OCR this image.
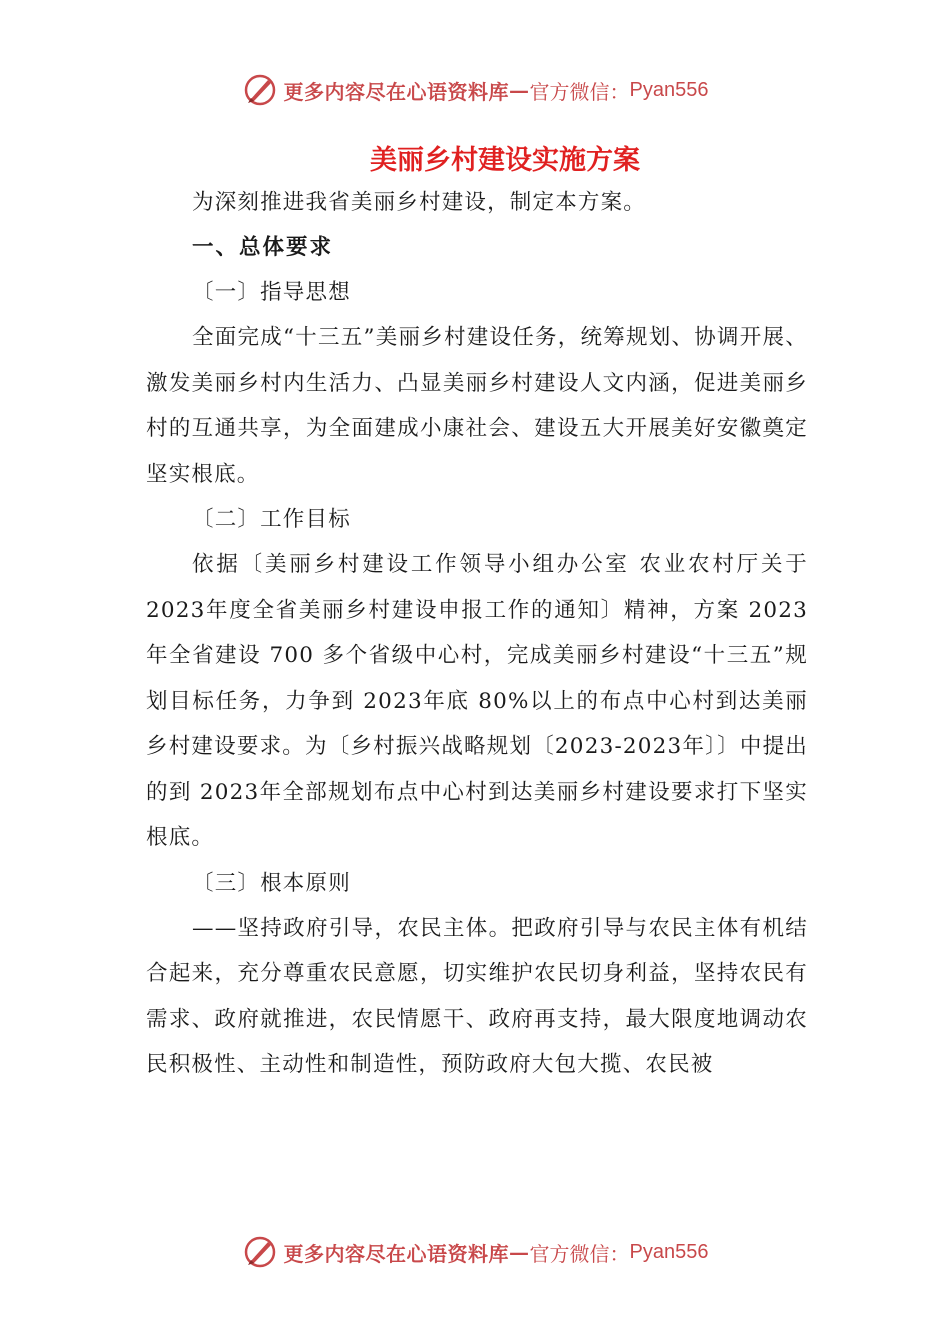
更多内容尽在心语资料库 — 官方微信： Pyan556
美丽乡村建设实施方案

为深刻推进我省美丽乡村建设，制定本方案。

一、总体要求

〔一〕指导思想

全面完成“十三五”美丽乡村建设任务，统筹规划、协调开展、激发美丽乡村内生活力、凸显美丽乡村建设人文内涵，促进美丽乡村的互通共享，为全面建成小康社会、建设五大开展美好安徽奠定坚实根底。

〔二〕工作目标

依据〔美丽乡村建设工作领导小组办公室 农业农村厅关于2023年度全省美丽乡村建设申报工作的通知〕精神，方案 2023年全省建设 700 多个省级中心村，完成美丽乡村建设“十三五”规划目标任务，力争到 2023年底 80%以上的布点中心村到达美丽乡村建设要求。为〔乡村振兴战略规划〔2023-2023年〕〕中提出的到 2023年全部规划布点中心村到达美丽乡村建设要求打下坚实根底。

〔三〕根本原则

——坚持政府引导，农民主体。把政府引导与农民主体有机结合起来，充分尊重农民意愿，切实维护农民切身利益，坚持农民有需求、政府就推进，农民情愿干、政府再支持，最大限度地调动农民积极性、主动性和制造性，预防政府大包大揽、农民被

更多内容尽在心语资料库 — 官方微信： Pyan556
